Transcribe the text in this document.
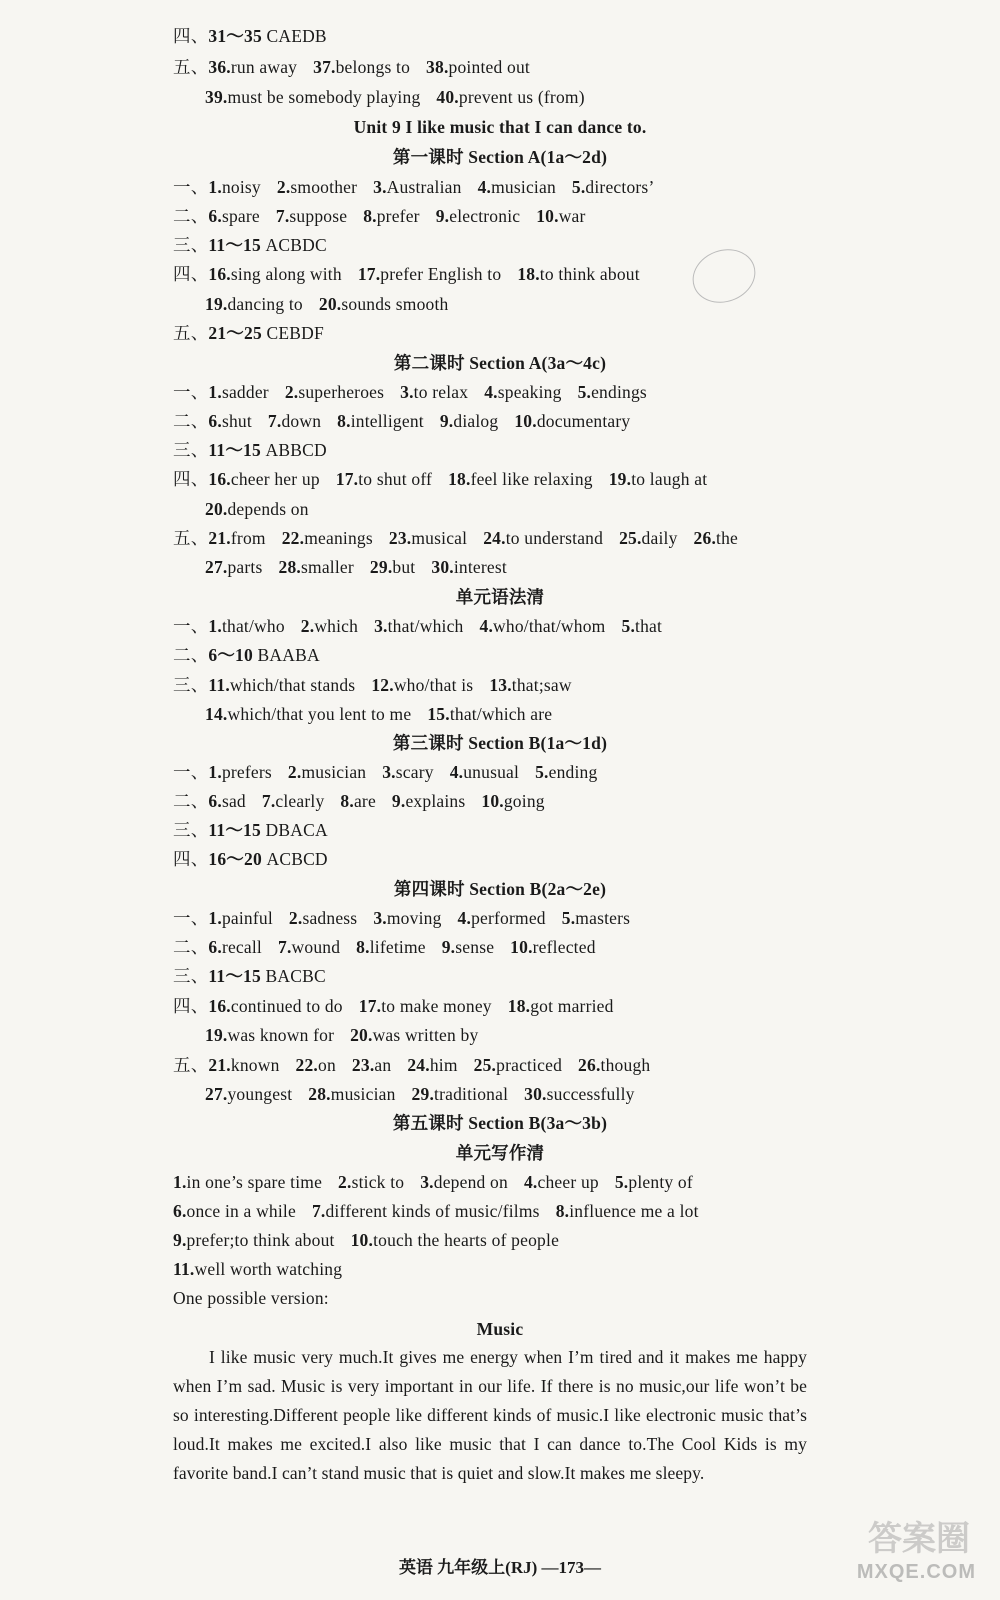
四、31～35 CAEDB
五、36.run away 37.belongs to 38.pointed out
39.must be somebody playing 40.prevent us (from)
Unit 9 I like music that I can dance to.
第一课时 Section A(1a～2d)
一、1.noisy 2.smoother 3.Australian 4.musician 5.directors’
二、6.spare 7.suppose 8.prefer 9.electronic 10.war
三、11～15 ACBDC
四、16.sing along with 17.prefer English to 18.to think about
19.dancing to 20.sounds smooth
五、21～25 CEBDF
第二课时 Section A(3a～4c)
一、1.sadder 2.superheroes 3.to relax 4.speaking 5.endings
二、6.shut 7.down 8.intelligent 9.dialog 10.documentary
三、11～15 ABBCD
四、16.cheer her up 17.to shut off 18.feel like relaxing 19.to laugh at
20.depends on
五、21.from 22.meanings 23.musical 24.to understand 25.daily 26.the
27.parts 28.smaller 29.but 30.interest
单元语法清
一、1.that/who 2.which 3.that/which 4.who/that/whom 5.that
二、6～10 BAABA
三、11.which/that stands 12.who/that is 13.that;saw
14.which/that you lent to me 15.that/which are
第三课时 Section B(1a～1d)
一、1.prefers 2.musician 3.scary 4.unusual 5.ending
二、6.sad 7.clearly 8.are 9.explains 10.going
三、11～15 DBACA
四、16～20 ACBCD
第四课时 Section B(2a～2e)
一、1.painful 2.sadness 3.moving 4.performed 5.masters
二、6.recall 7.wound 8.lifetime 9.sense 10.reflected
三、11～15 BACBC
四、16.continued to do 17.to make money 18.got married
19.was known for 20.was written by
五、21.known 22.on 23.an 24.him 25.practiced 26.though
27.youngest 28.musician 29.traditional 30.successfully
第五课时 Section B(3a～3b)
单元写作清
1.in one’s spare time 2.stick to 3.depend on 4.cheer up 5.plenty of
6.once in a while 7.different kinds of music/films 8.influence me a lot
9.prefer;to think about 10.touch the hearts of people
11.well worth watching
One possible version:
Music
I like music very much.It gives me energy when I’m tired and it makes me happy when I’m sad. Music is very important in our life. If there is no music,our life won’t be so interesting.Different people like different kinds of music.I like electronic music that’s loud.It makes me excited.I also like music that I can dance to.The Cool Kids is my favorite band.I can’t stand music that is quiet and slow.It makes me sleepy.
英语 九年级上(RJ) —173—
答案圈
MXQE.COM
